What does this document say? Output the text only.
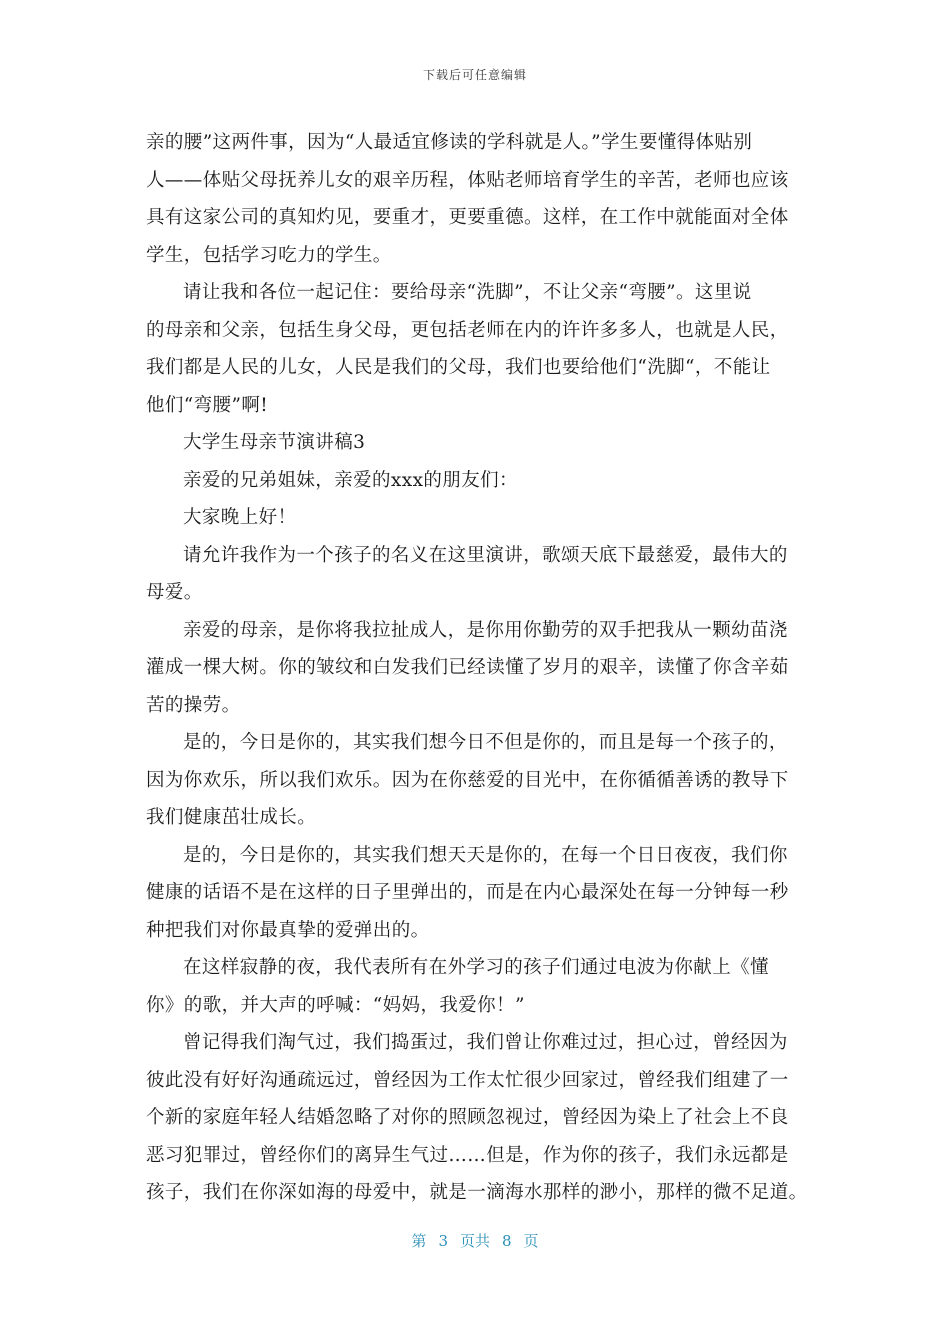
下载后可任意编辑
亲的腰”这两件事，因为“人最适宜修读的学科就是人。”学生要懂得体贴别
人——体贴父母抚养儿女的艰辛历程，体贴老师培育学生的辛苦，老师也应该
具有这家公司的真知灼见，要重才，更要重德。这样，在工作中就能面对全体
学生，包括学习吃力的学生。
请让我和各位一起记住：要给母亲“洗脚”，不让父亲“弯腰”。这里说
的母亲和父亲，包括生身父母，更包括老师在内的许许多多人，也就是人民，
我们都是人民的儿女，人民是我们的父母，我们也要给他们“洗脚“，不能让
他们“弯腰”啊!
大学生母亲节演讲稿3
亲爱的兄弟姐妹，亲爱的xxx的朋友们：
大家晚上好！
请允许我作为一个孩子的名义在这里演讲，歌颂天底下最慈爱，最伟大的
母爱。
亲爱的母亲，是你将我拉扯成人，是你用你勤劳的双手把我从一颗幼苗浇
灌成一棵大树。你的皱纹和白发我们已经读懂了岁月的艰辛，读懂了你含辛茹
苦的操劳。
是的，今日是你的，其实我们想今日不但是你的，而且是每一个孩子的，
因为你欢乐，所以我们欢乐。因为在你慈爱的目光中，在你循循善诱的教导下
我们健康茁壮成长。
是的，今日是你的，其实我们想天天是你的，在每一个日日夜夜，我们你
健康的话语不是在这样的日子里弹出的，而是在内心最深处在每一分钟每一秒
种把我们对你最真挚的爱弹出的。
在这样寂静的夜，我代表所有在外学习的孩子们通过电波为你献上《懂
你》的歌，并大声的呼喊：“妈妈，我爱你！”
曾记得我们淘气过，我们捣蛋过，我们曾让你难过过，担心过，曾经因为
彼此没有好好沟通疏远过，曾经因为工作太忙很少回家过，曾经我们组建了一
个新的家庭年轻人结婚忽略了对你的照顾忽视过，曾经因为染上了社会上不良
恶习犯罪过，曾经你们的离异生气过……但是，作为你的孩子，我们永远都是
孩子，我们在你深如海的母爱中，就是一滴海水那样的渺小，那样的微不足道。
第 3 页共 8 页
